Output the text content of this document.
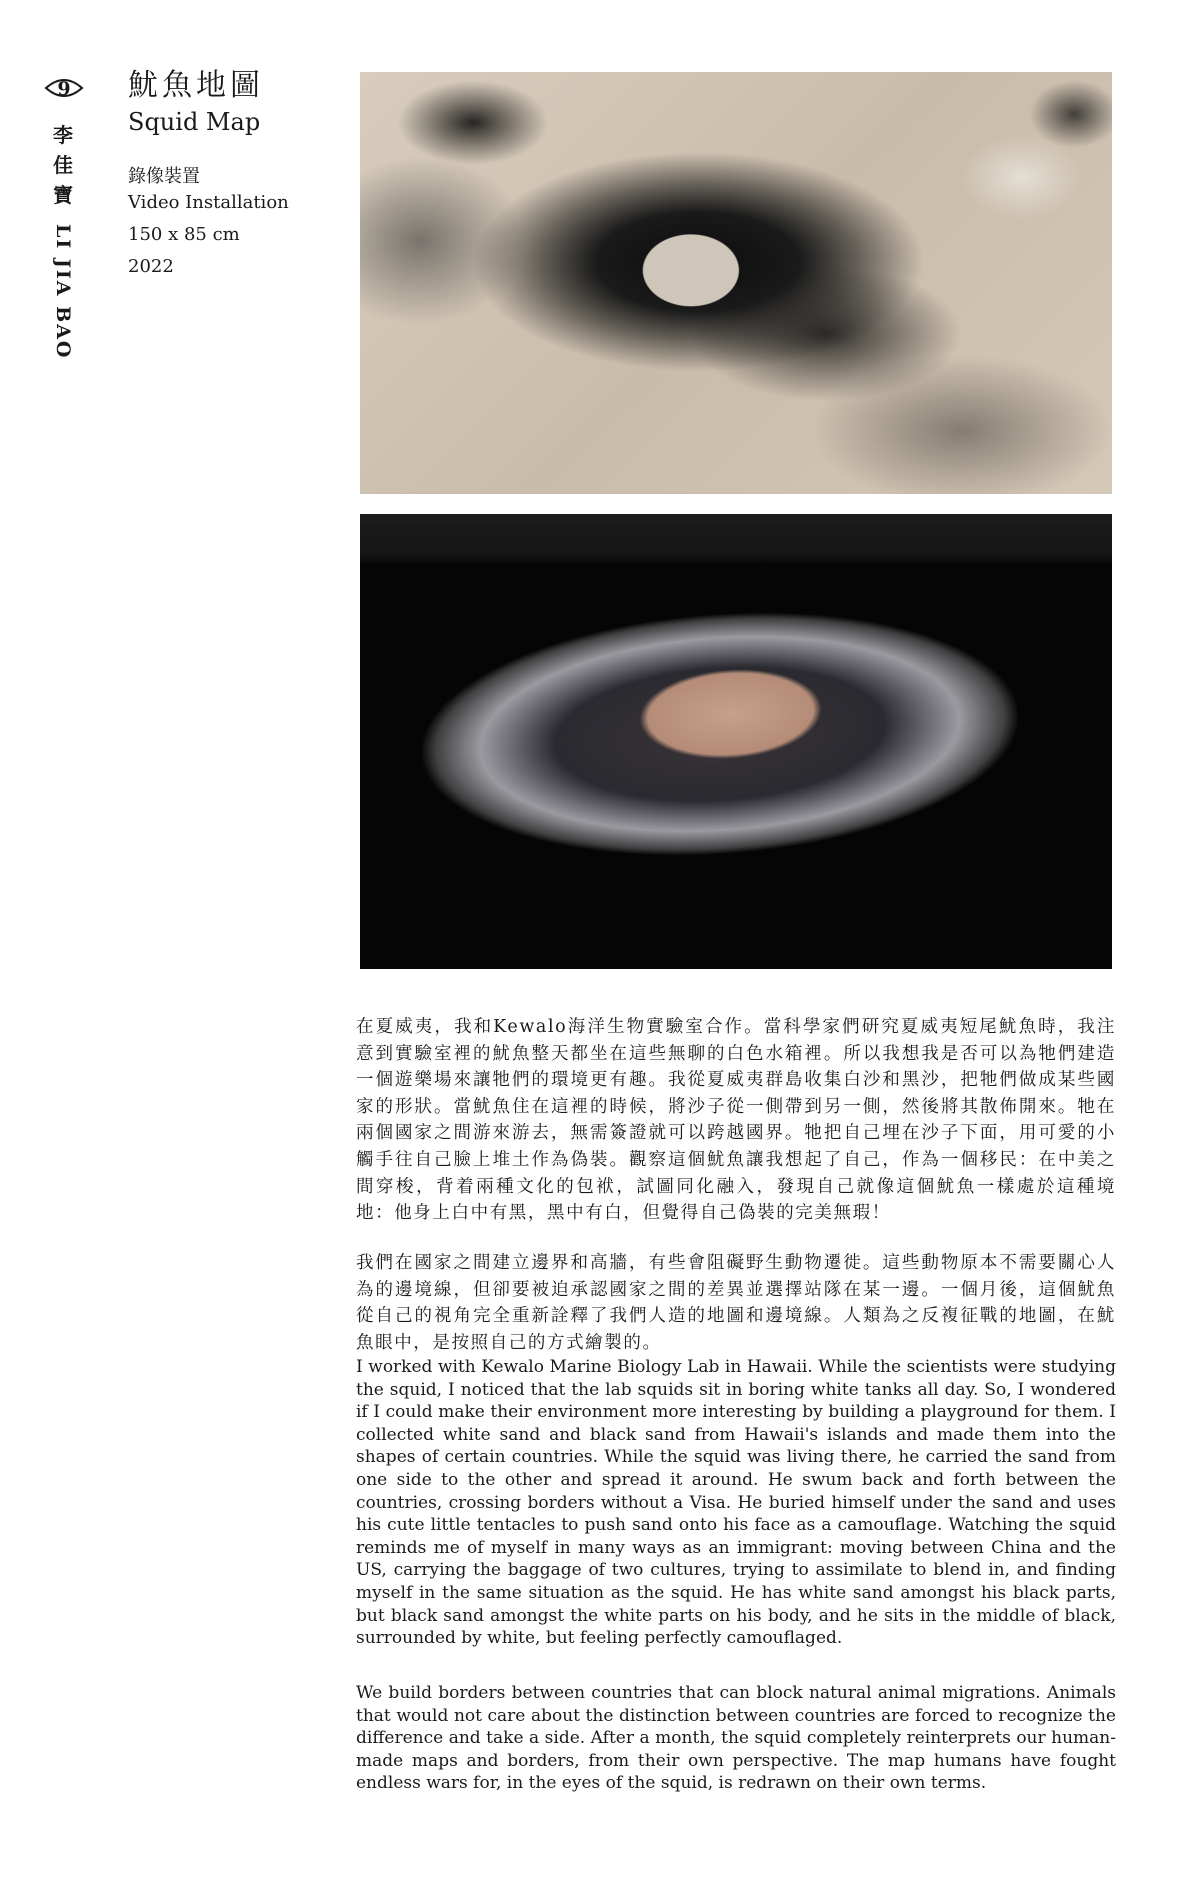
9
李
佳
寶
LI JIA BAO
魷魚地圖
Squid Map

錄像裝置

Video Installation

150 x 85 cm

2022

在夏威夷，我和Kewalo海洋生物實驗室合作。當科學家們研究夏威夷短尾魷魚時，我注意到實驗室裡的魷魚整天都坐在這些無聊的白色水箱裡。所以我想我是否可以為牠們建造一個遊樂場來讓牠們的環境更有趣。我從夏威夷群島收集白沙和黑沙，把牠們做成某些國家的形狀。當魷魚住在這裡的時候，將沙子從一側帶到另一側，然後將其散佈開來。牠在兩個國家之間游來游去，無需簽證就可以跨越國界。牠把自己埋在沙子下面，用可愛的小觸手往自己臉上堆土作為偽裝。觀察這個魷魚讓我想起了自己，作為一個移民：在中美之間穿梭，背着兩種文化的包袱，試圖同化融入，發現自己就像這個魷魚一樣處於這種境地：他身上白中有黑，黑中有白，但覺得自己偽裝的完美無瑕！

我們在國家之間建立邊界和高牆，有些會阻礙野生動物遷徙。這些動物原本不需要關心人為的邊境線，但卻要被迫承認國家之間的差異並選擇站隊在某一邊。一個月後，這個魷魚從自己的視角完全重新詮釋了我們人造的地圖和邊境線。人類為之反複征戰的地圖，在魷魚眼中，是按照自己的方式繪製的。

I worked with Kewalo Marine Biology Lab in Hawaii. While the scientists were studying the squid, I noticed that the lab squids sit in boring white tanks all day. So, I wondered if I could make their environment more interesting by building a playground for them. I collected white sand and black sand from Hawaii's islands and made them into the shapes of certain countries. While the squid was living there, he carried the sand from one side to the other and spread it around. He swum back and forth between the countries, crossing borders without a Visa. He buried himself under the sand and uses his cute little tentacles to push sand onto his face as a camouflage. Watching the squid reminds me of myself in many ways as an immigrant: moving between China and the US, carrying the baggage of two cultures, trying to assimilate to blend in, and finding myself in the same situation as the squid. He has white sand amongst his black parts, but black sand amongst the white parts on his body, and he sits in the middle of black, surrounded by white, but feeling perfectly camouflaged.

We build borders between countries that can block natural animal migrations. Animals that would not care about the distinction between countries are forced to recognize the difference and take a side. After a month, the squid completely reinterprets our human-made maps and borders, from their own perspective. The map humans have fought endless wars for, in the eyes of the squid, is redrawn on their own terms.
